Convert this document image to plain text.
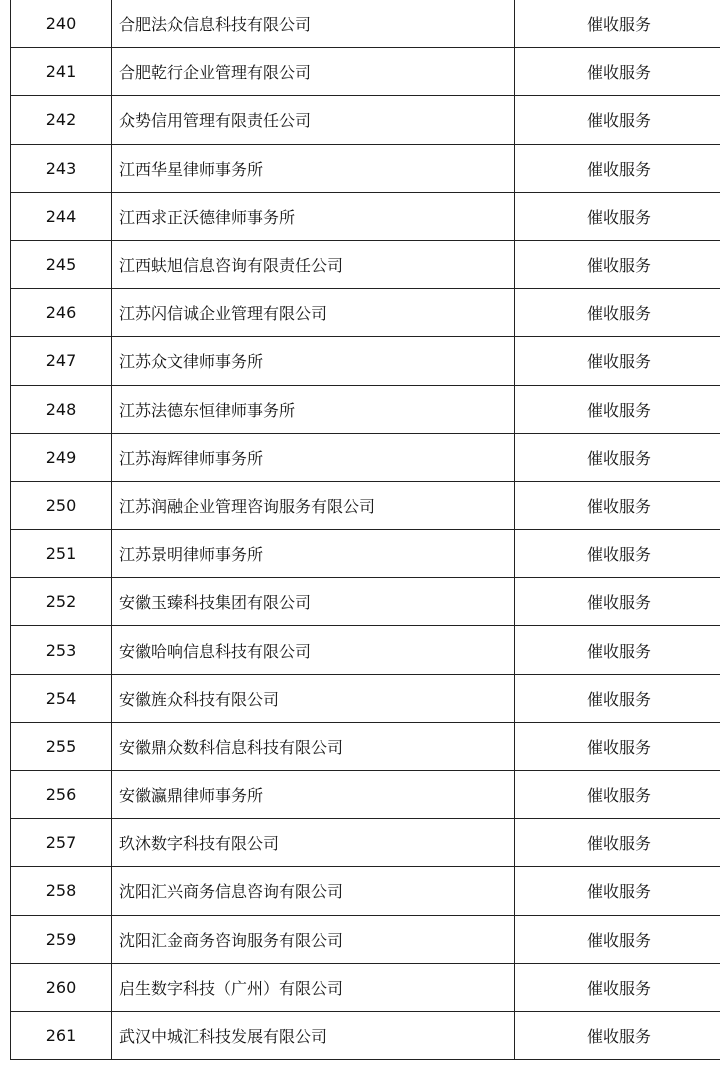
240	合肥法众信息科技有限公司	催收服务
241	合肥乾行企业管理有限公司	催收服务
242	众势信用管理有限责任公司	催收服务
243	江西华星律师事务所	催收服务
244	江西求正沃德律师事务所	催收服务
245	江西蚨旭信息咨询有限责任公司	催收服务
246	江苏闪信诚企业管理有限公司	催收服务
247	江苏众文律师事务所	催收服务
248	江苏法德东恒律师事务所	催收服务
249	江苏海辉律师事务所	催收服务
250	江苏润融企业管理咨询服务有限公司	催收服务
251	江苏景明律师事务所	催收服务
252	安徽玉臻科技集团有限公司	催收服务
253	安徽哈响信息科技有限公司	催收服务
254	安徽旌众科技有限公司	催收服务
255	安徽鼎众数科信息科技有限公司	催收服务
256	安徽瀛鼎律师事务所	催收服务
257	玖沐数字科技有限公司	催收服务
258	沈阳汇兴商务信息咨询有限公司	催收服务
259	沈阳汇金商务咨询服务有限公司	催收服务
260	启生数字科技（广州）有限公司	催收服务
261	武汉中城汇科技发展有限公司	催收服务
